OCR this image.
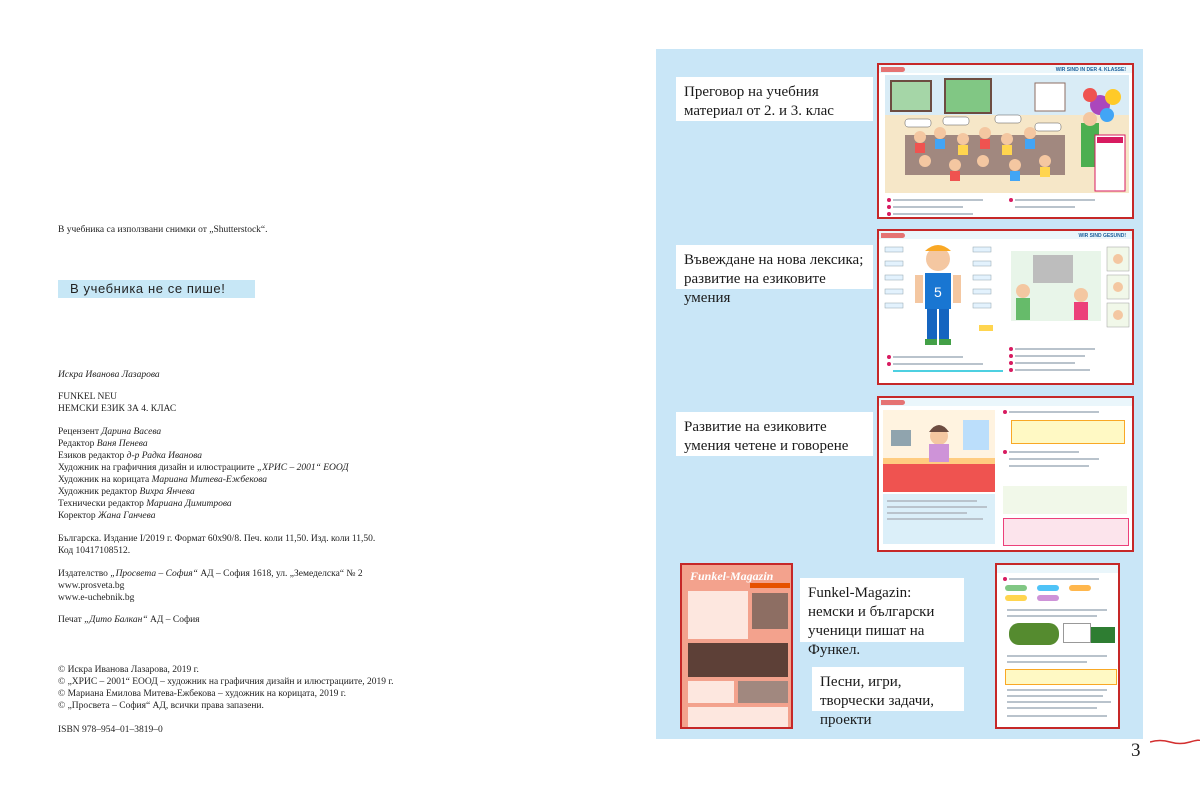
В учебника са използвани снимки от „Shutterstock“.

В учебника не се пише!

Искра Иванова Лазарова

FUNKEL NEU

НЕМСКИ ЕЗИК ЗА 4. КЛАС

Рецензент Дарина Васева

Редактор Ваня Пенева

Езиков редактор д-р Радка Иванова

Художник на графичния дизайн и илюстрациите „ХРИС – 2001“ ЕООД

Художник на корицата Мариана Митева-Ежбекова

Художник редактор Вихра Янчева

Технически редактор Мариана Димитрова

Коректор Жана Ганчева

Българска. Издание I/2019 г. Формат 60х90/8. Печ. коли 11,50. Изд. коли 11,50.

Код 10417108512.

Издателство „Просвета – София“ АД – София 1618, ул. „Земеделска“ № 2

www.prosveta.bg

www.e-uchebnik.bg

Печат „Дито Балкан“ АД – София

© Искра Иванова Лазарова, 2019 г.

© „ХРИС – 2001“ ЕООД – художник на графичния дизайн и илюстрациите, 2019 г.

© Мариана Емилова Митева-Ежбекова – художник на корицата, 2019 г.

© „Просвета – София“ АД, всички права запазени.

ISBN 978–954–01–3819–0

WIR SIND IN DER 4. KLASSE!
WIR SIND GESUND!
5
Funkel-Magazin
Преговор на учебния материал от 2. и 3. клас
Въвеждане на нова лексика; развитие на езиковите умения
Развитие на езиковите умения четене и говорене
Funkel-Magazin: немски и български ученици пишат на Функел.
Песни, игри, творчески задачи, проекти
3
